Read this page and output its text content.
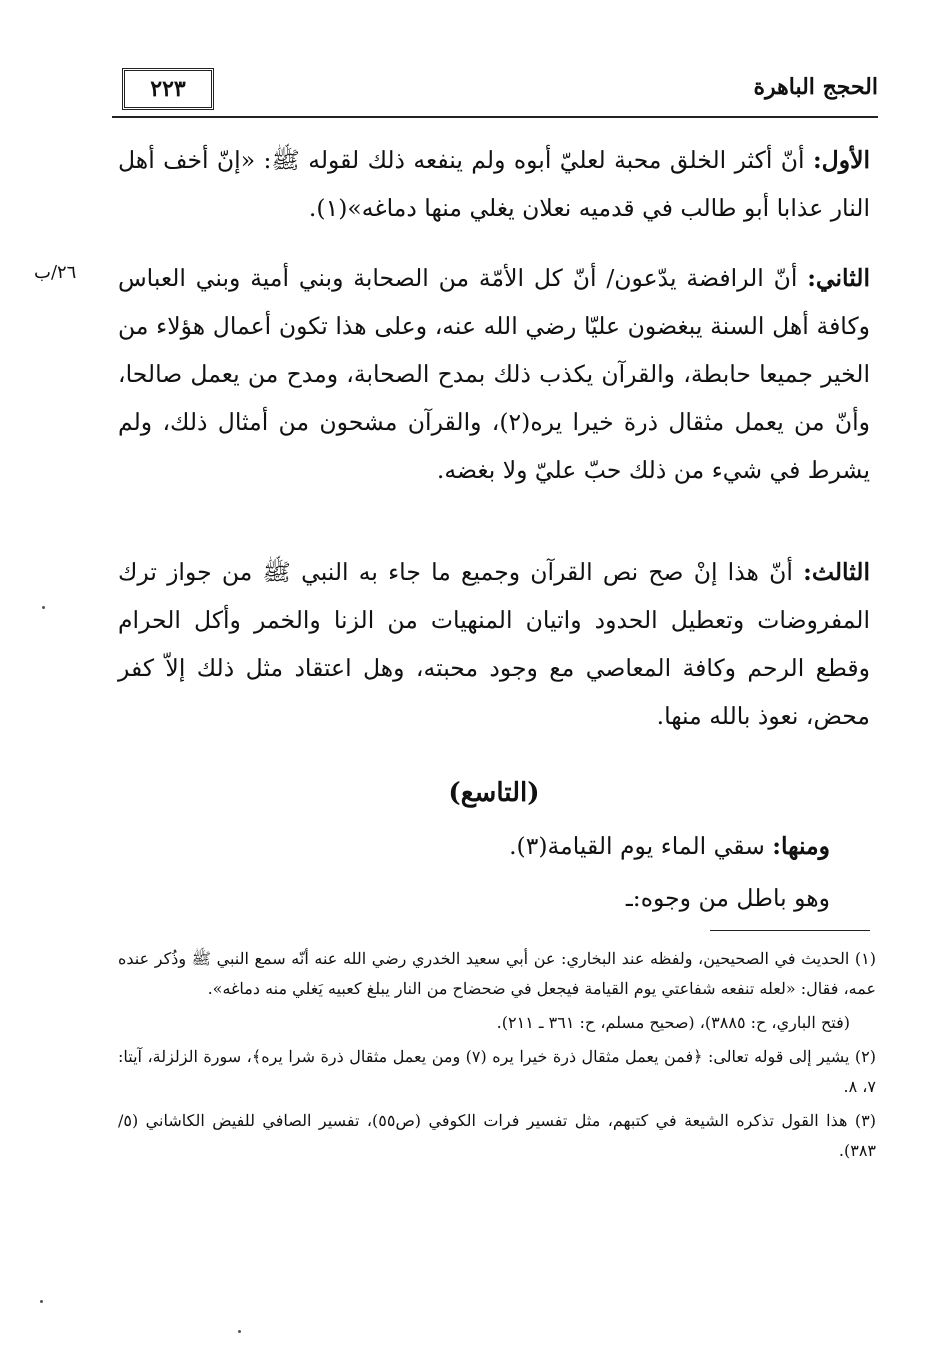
٢٢٣	الحجج الباهرة
٢٦/ب
الأول: أنّ أكثر الخلق محبة لعليّ أبوه ولم ينفعه ذلك لقوله ﷺ: «إنّ أخف أهل النار عذابا أبو طالب في قدميه نعلان يغلي منها دماغه»(١).
الثاني: أنّ الرافضة يدّعون/ أنّ كل الأمّة من الصحابة وبني أمية وبني العباس وكافة أهل السنة يبغضون عليّا رضي الله عنه، وعلى هذا تكون أعمال هؤلاء من الخير جميعا حابطة، والقرآن يكذب ذلك بمدح الصحابة، ومدح من يعمل صالحا، وأنّ من يعمل مثقال ذرة خيرا يره(٢)، والقرآن مشحون من أمثال ذلك، ولم يشرط في شيء من ذلك حبّ عليّ ولا بغضه.
الثالث: أنّ هذا إنْ صح نص القرآن وجميع ما جاء به النبي ﷺ من جواز ترك المفروضات وتعطيل الحدود واتيان المنهيات من الزنا والخمر وأكل الحرام وقطع الرحم وكافة المعاصي مع وجود محبته، وهل اعتقاد مثل ذلك إلاّ كفر محض، نعوذ بالله منها.
(التاسع)
ومنها: سقي الماء يوم القيامة(٣).
وهو باطل من وجوه:ـ
(١) الحديث في الصحيحين، ولفظه عند البخاري: عن أبي سعيد الخدري رضي الله عنه أنّه سمع النبي ﷺ وذُكر عنده عمه، فقال: «لعله تنفعه شفاعتي يوم القيامة فيجعل في ضحضاح من النار يبلغ كعبيه يَغلي منه دماغه».
(فتح الباري، ح: ٣٨٨٥)، (صحيح مسلم، ح: ٣٦١ ـ ٢١١).
(٢) يشير إلى قوله تعالى: ﴿فمن يعمل مثقال ذرة خيرا يره (٧) ومن يعمل مثقال ذرة شرا يره﴾، سورة الزلزلة، آيتا: ٧، ٨.
(٣) هذا القول تذكره الشيعة في كتبهم، مثل تفسير فرات الكوفي (ص٥٥)، تفسير الصافي للفيض الكاشاني (٥/ ٣٨٣).
